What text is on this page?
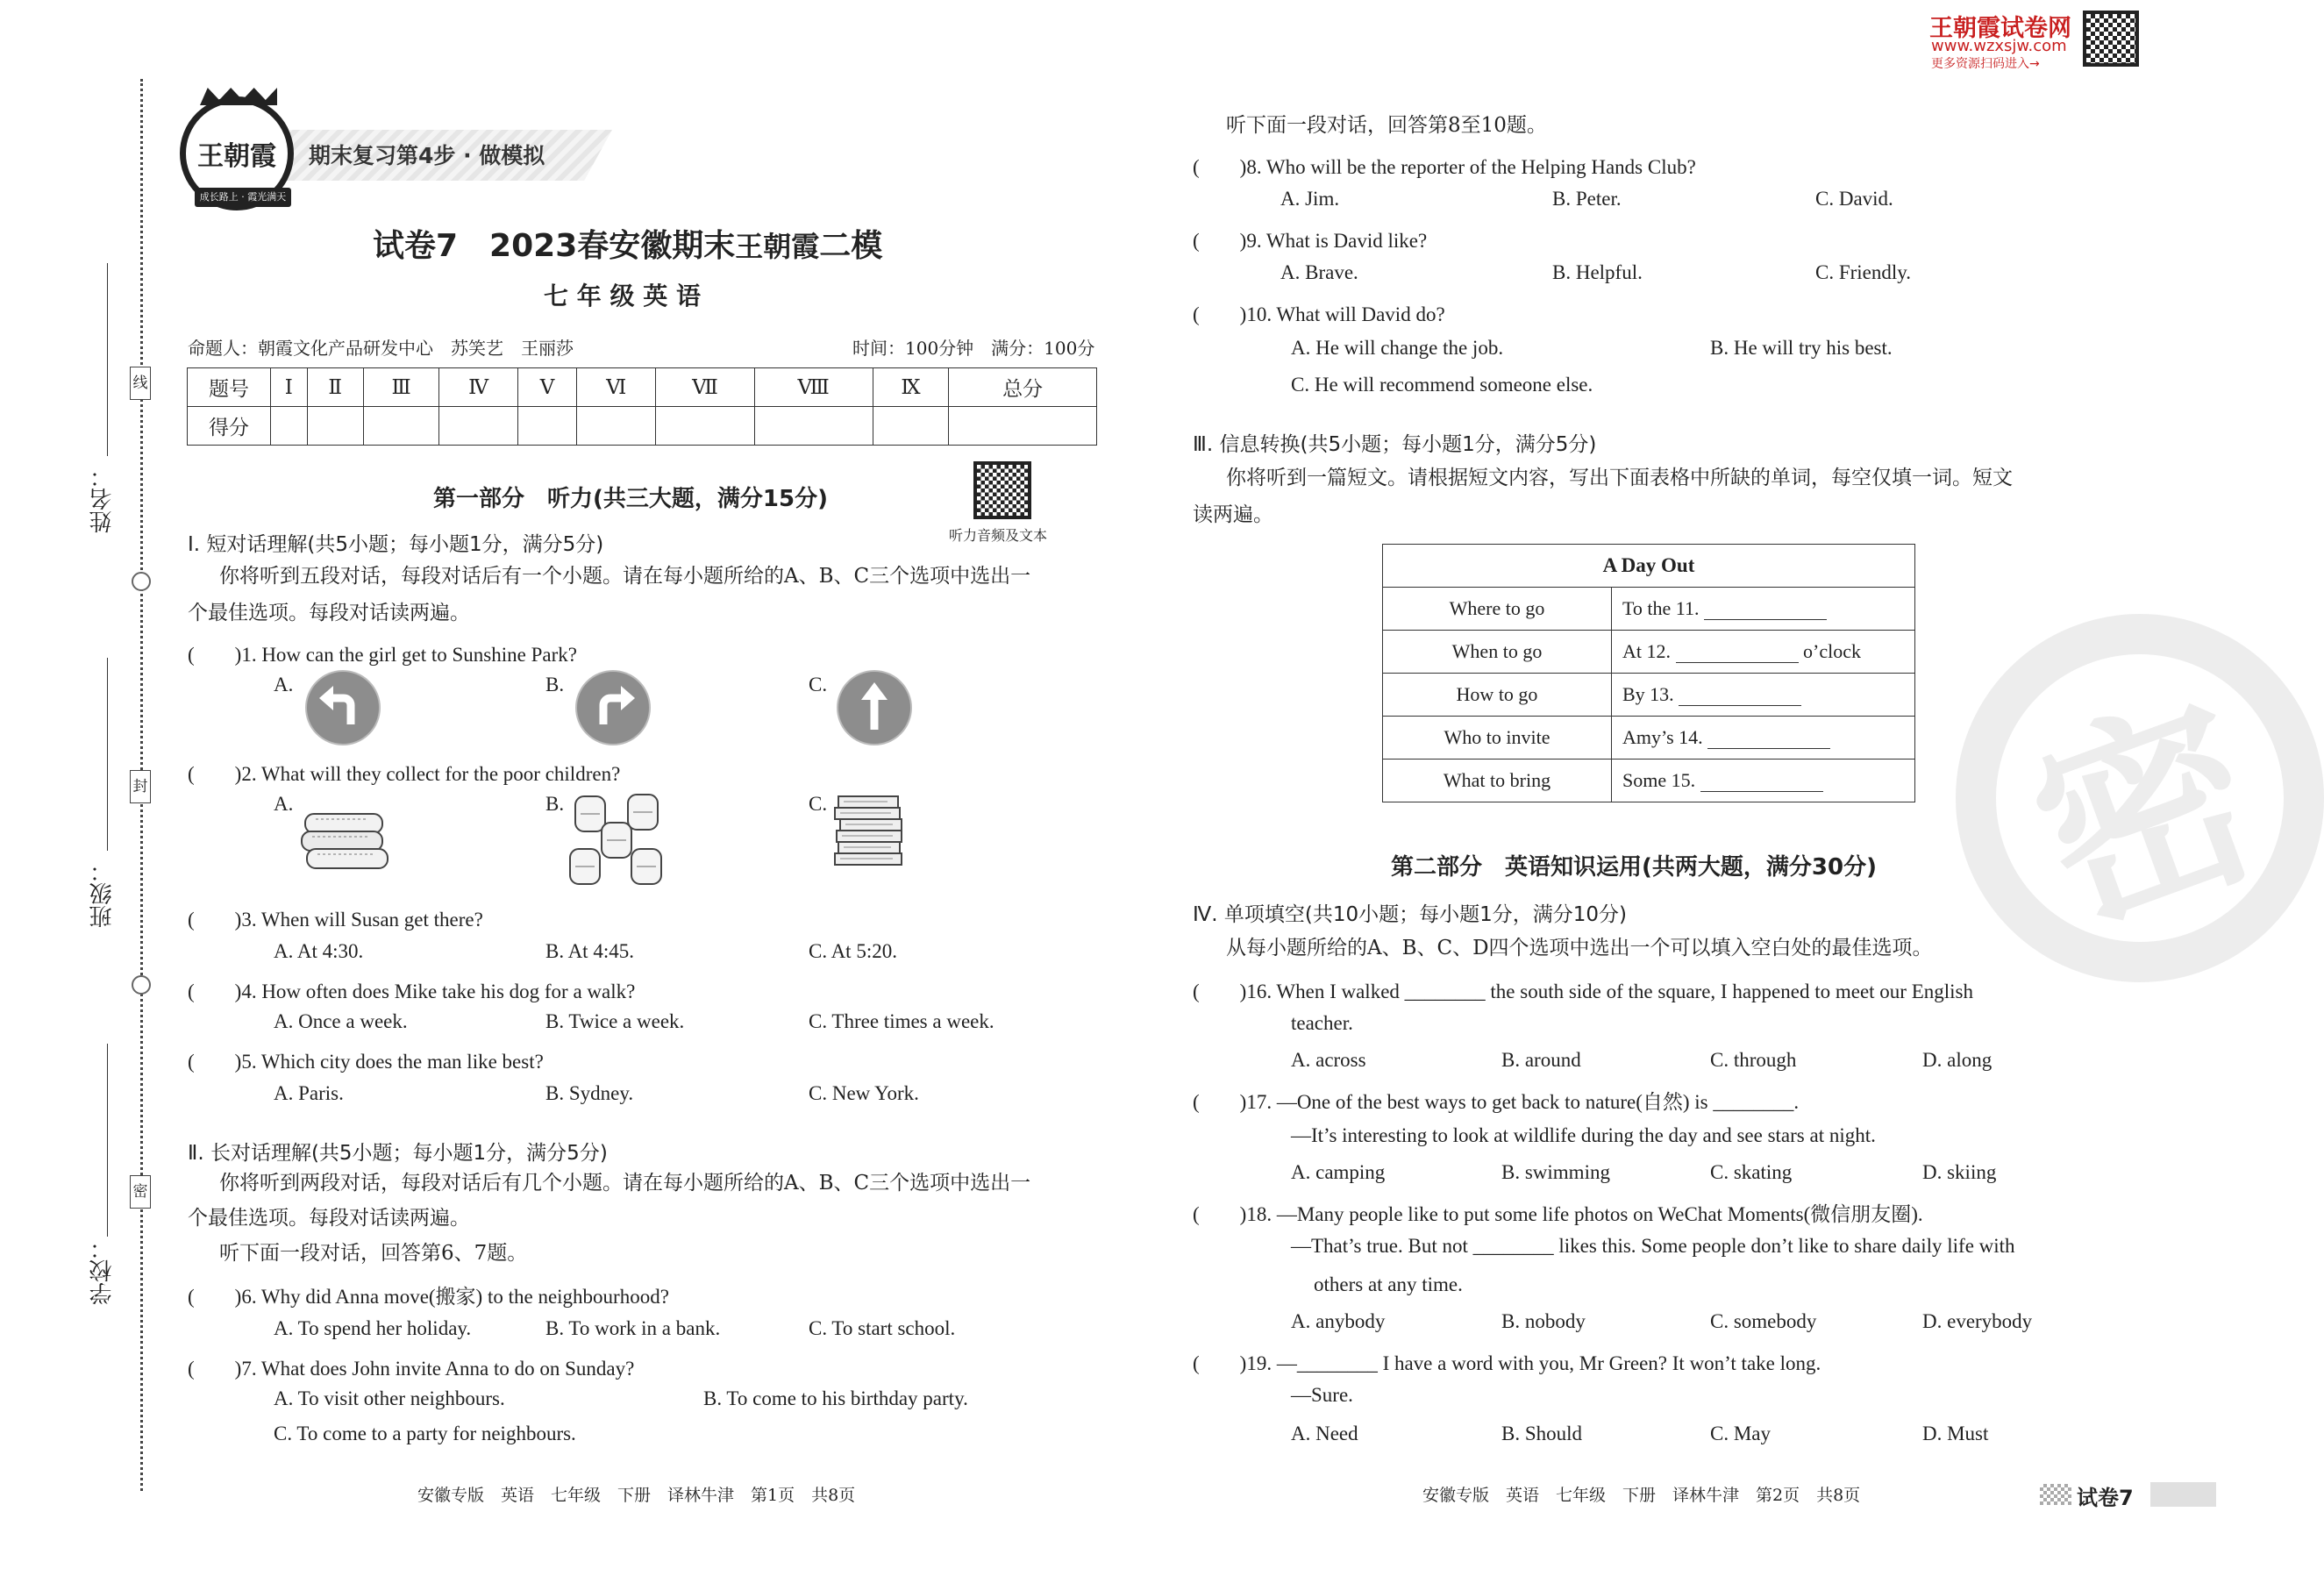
线
封
密
姓名：
班级：
学校：
期末复习第4步 · 做模拟
王朝霞
成长路上 · 霞光满天
王朝霞试卷网
www.wzxsjw.com
更多资源扫码进入→
试卷7　2023春安徽期末王朝霞二模
七 年 级 英 语
命题人：朝霞文化产品研发中心　苏笑艺　王丽莎	时间：100分钟　满分：100分
题号	Ⅰ	Ⅱ	Ⅲ	Ⅳ	Ⅴ	Ⅵ	Ⅶ	Ⅷ	Ⅸ	总分
得分										
第一部分　听力(共三大题，满分15分)
听力音频及文本
Ⅰ. 短对话理解(共5小题；每小题1分，满分5分)
你将听到五段对话，每段对话后有一个小题。请在每小题所给的A、B、C三个选项中选出一
个最佳选项。每段对话读两遍。
(　　)1. How can the girl get to Sunshine Park?
A.	B.	C.
(　　)2. What will they collect for the poor children?
A.	B.	C.
(　　)3. When will Susan get there?
A. At 4:30.	B. At 4:45.	C. At 5:20.
(　　)4. How often does Mike take his dog for a walk?
A. Once a week.	B. Twice a week.	C. Three times a week.
(　　)5. Which city does the man like best?
A. Paris.	B. Sydney.	C. New York.
Ⅱ. 长对话理解(共5小题；每小题1分，满分5分)
你将听到两段对话，每段对话后有几个小题。请在每小题所给的A、B、C三个选项中选出一
个最佳选项。每段对话读两遍。
听下面一段对话，回答第6、7题。
(　　)6. Why did Anna move(搬家) to the neighbourhood?
A. To spend her holiday.	B. To work in a bank.	C. To start school.
(　　)7. What does John invite Anna to do on Sunday?
A. To visit other neighbours.	B. To come to his birthday party.
C. To come to a party for neighbours.
安徽专版　英语　七年级　下册　译林牛津　第1页　共8页
密
听下面一段对话，回答第8至10题。
(　　)8. Who will be the reporter of the Helping Hands Club?
A. Jim.	B. Peter.	C. David.
(　　)9. What is David like?
A. Brave.	B. Helpful.	C. Friendly.
(　　)10. What will David do?
A. He will change the job.	B. He will try his best.
C. He will recommend someone else.
Ⅲ. 信息转换(共5小题；每小题1分，满分5分)
你将听到一篇短文。请根据短文内容，写出下面表格中所缺的单词，每空仅填一词。短文
读两遍。
A Day Out	
Where to go	To the 11.
When to go	At 12. o’clock
How to go	By 13.
Who to invite	Amy’s 14.
What to bring	Some 15.
第二部分　英语知识运用(共两大题，满分30分)
Ⅳ. 单项填空(共10小题；每小题1分，满分10分)
从每小题所给的A、B、C、D四个选项中选出一个可以填入空白处的最佳选项。
(　　)16. When I walked ________ the south side of the square, I happened to meet our English
teacher.
A. across	B. around	C. through	D. along
(　　)17. —One of the best ways to get back to nature(自然) is ________.
—It’s interesting to look at wildlife during the day and see stars at night.
A. camping	B. swimming	C. skating	D. skiing
(　　)18. —Many people like to put some life photos on WeChat Moments(微信朋友圈).
—That’s true. But not ________ likes this. Some people don’t like to share daily life with
others at any time.
A. anybody	B. nobody	C. somebody	D. everybody
(　　)19. —________ I have a word with you, Mr Green? It won’t take long.
—Sure.
A. Need	B. Should	C. May	D. Must
安徽专版　英语　七年级　下册　译林牛津　第2页　共8页	试卷7
